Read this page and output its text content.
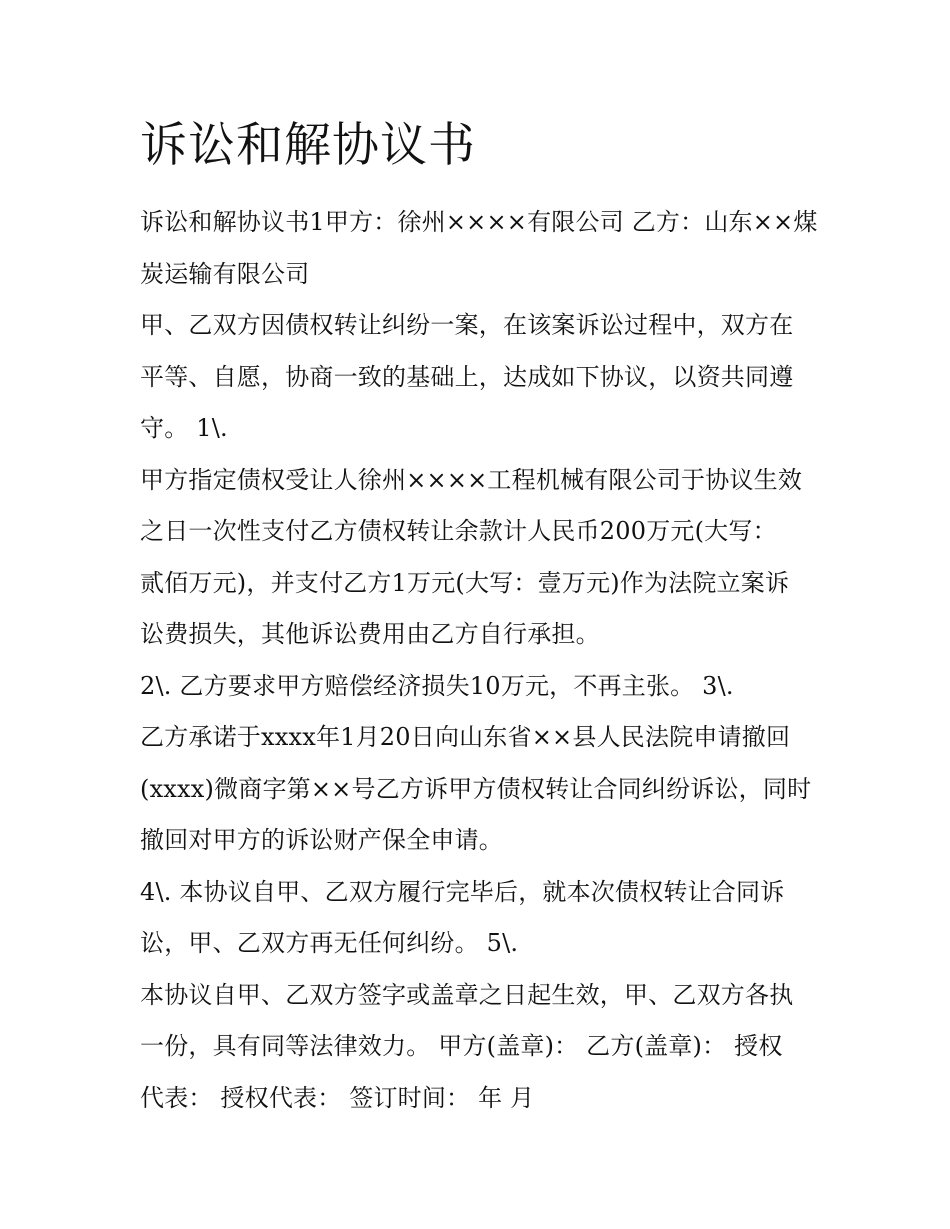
诉讼和解协议书

诉讼和解协议书1甲方：徐州××××有限公司 乙方：山东××煤

炭运输有限公司

甲、乙双方因债权转让纠纷一案，在该案诉讼过程中，双方在

平等、自愿，协商一致的基础上，达成如下协议，以资共同遵

守。 1\.

甲方指定债权受让人徐州××××工程机械有限公司于协议生效

之日一次性支付乙方债权转让余款计人民币200万元(大写：

贰佰万元)，并支付乙方1万元(大写：壹万元)作为法院立案诉

讼费损失，其他诉讼费用由乙方自行承担。

2\. 乙方要求甲方赔偿经济损失10万元，不再主张。 3\.

乙方承诺于xxxx年1月20日向山东省××县人民法院申请撤回

(xxxx)微商字第××号乙方诉甲方债权转让合同纠纷诉讼，同时

撤回对甲方的诉讼财产保全申请。

4\. 本协议自甲、乙双方履行完毕后，就本次债权转让合同诉

讼，甲、乙双方再无任何纠纷。 5\.

本协议自甲、乙双方签字或盖章之日起生效，甲、乙双方各执

一份，具有同等法律效力。 甲方(盖章)： 乙方(盖章)： 授权

代表： 授权代表： 签订时间： 年 月
